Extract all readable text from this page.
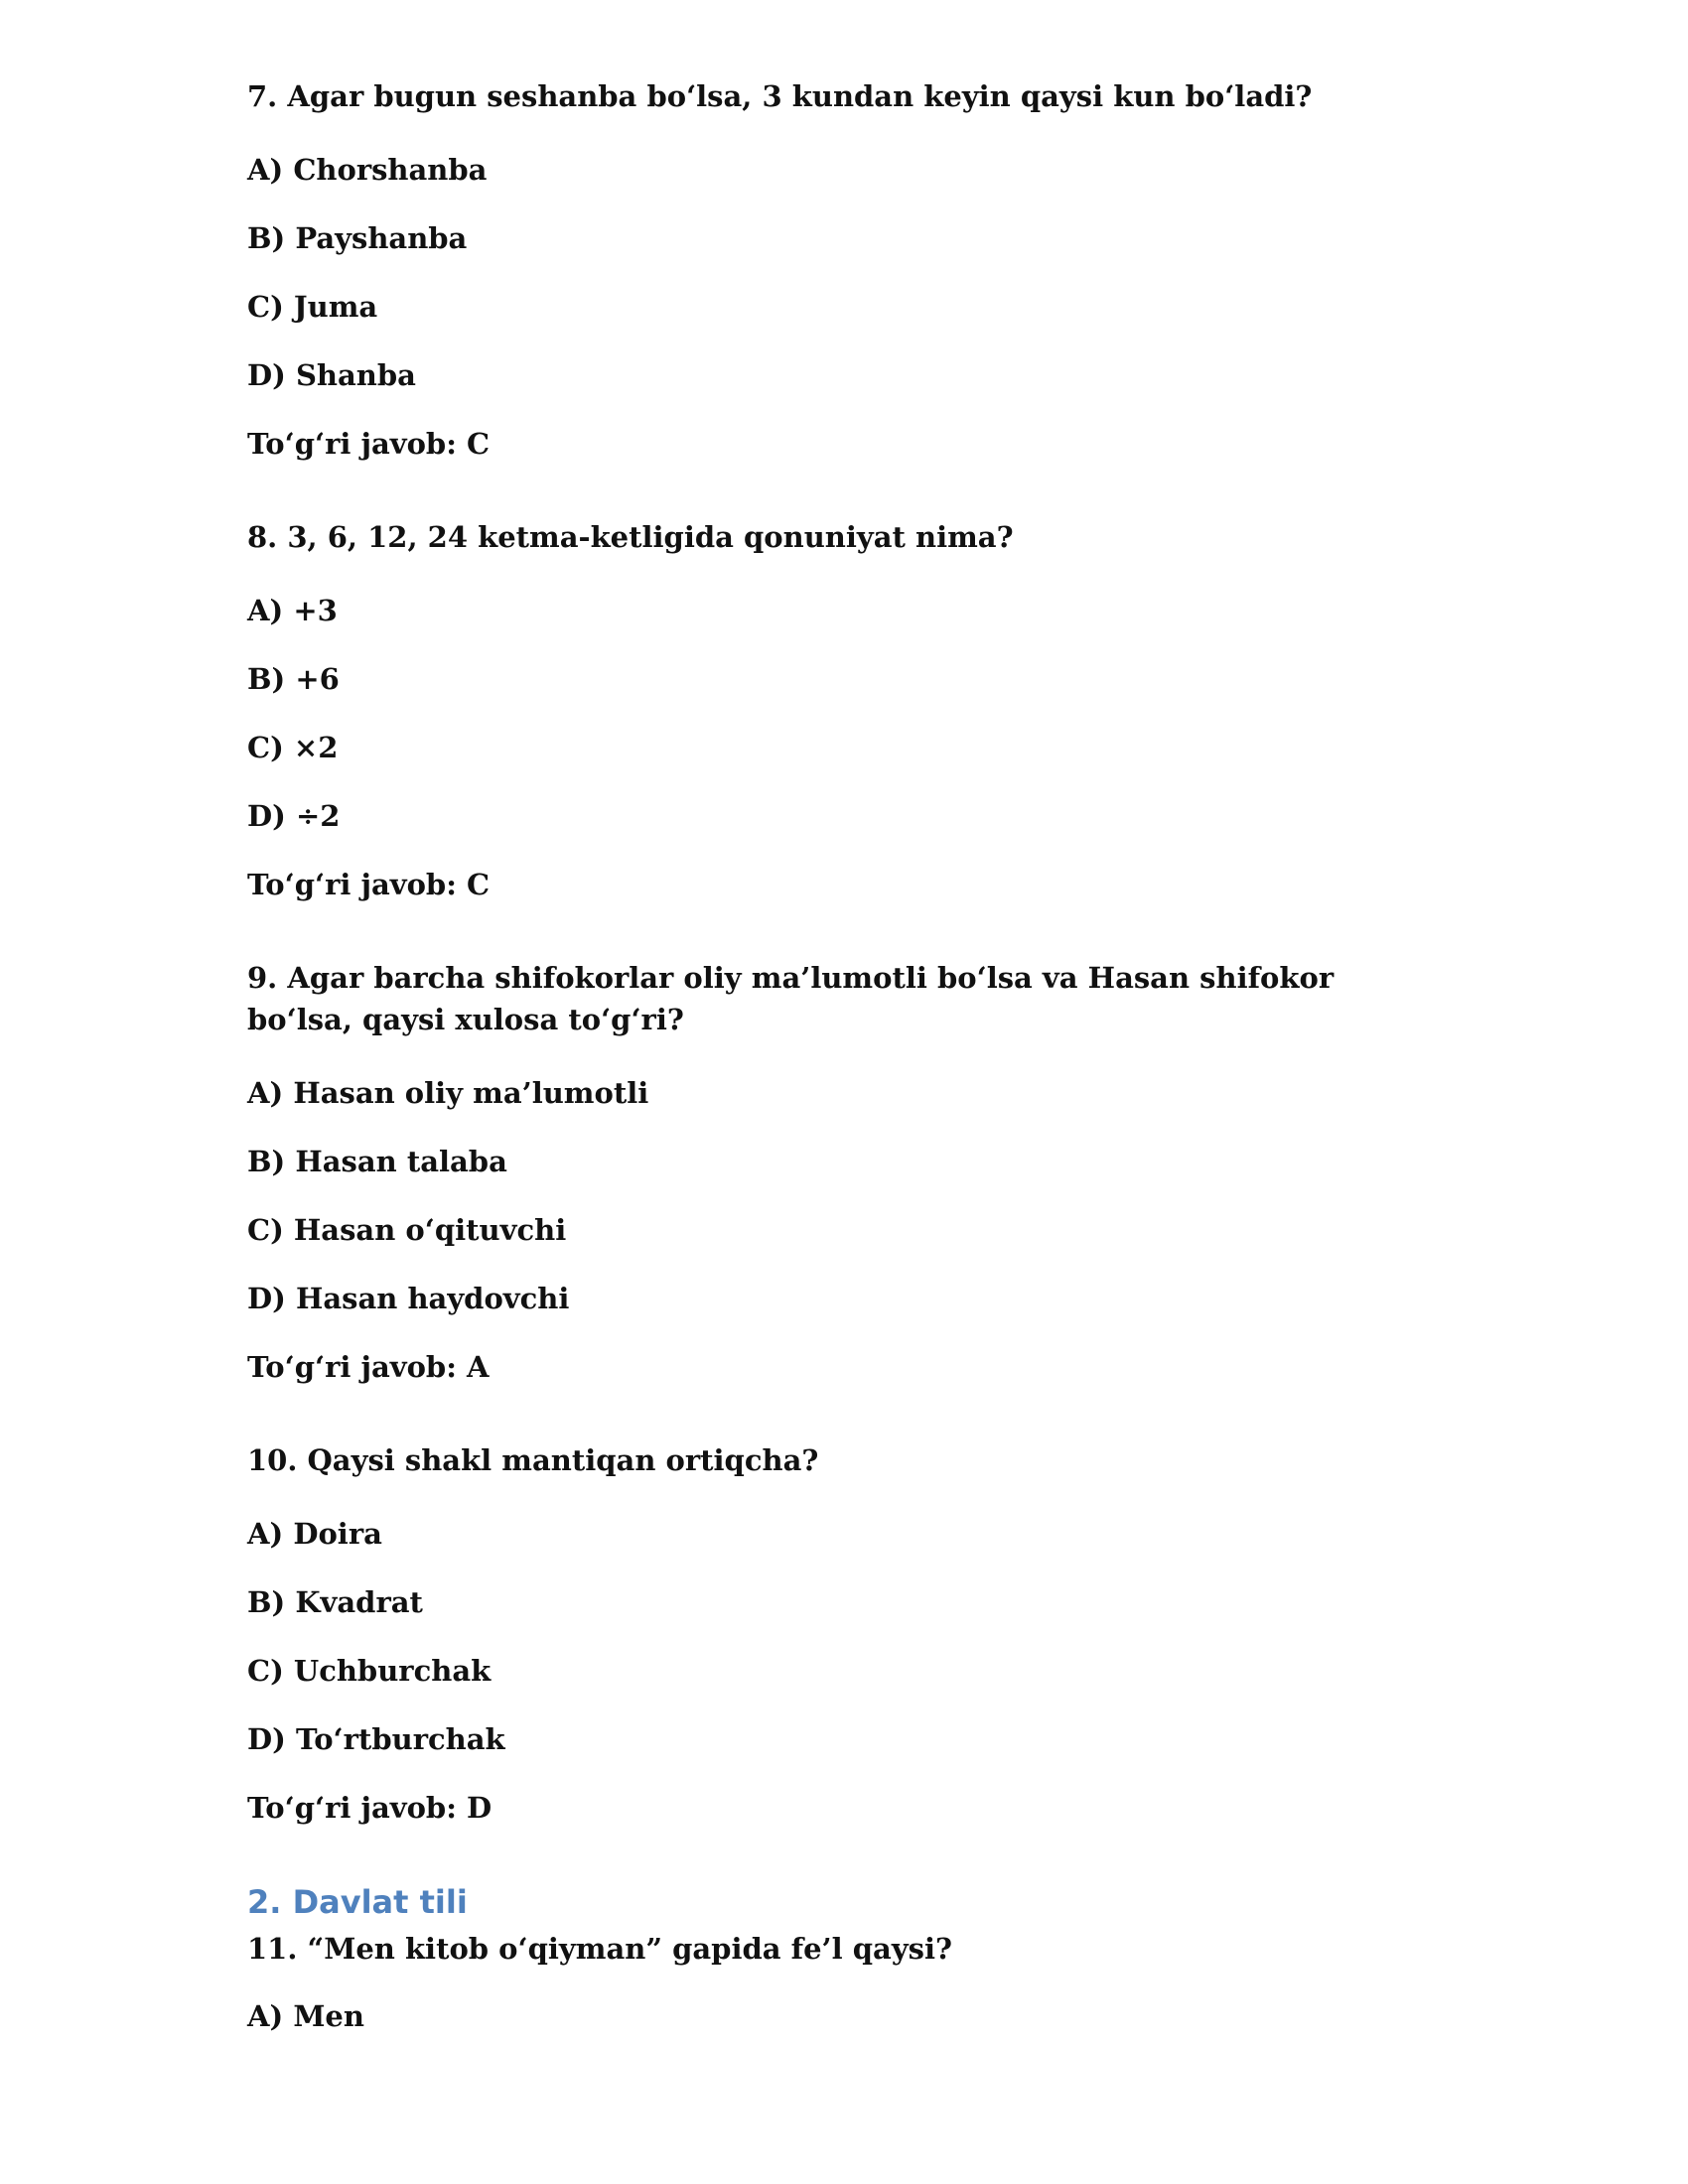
7. Agar bugun seshanba bo‘lsa, 3 kundan keyin qaysi kun bo‘ladi?
A) Chorshanba
B) Payshanba
C) Juma
D) Shanba
To‘g‘ri javob: C
8. 3, 6, 12, 24 ketma-ketligida qonuniyat nima?
A) +3
B) +6
C) ×2
D) ÷2
To‘g‘ri javob: C
9. Agar barcha shifokorlar oliy ma’lumotli bo‘lsa va Hasan shifokor bo‘lsa, qaysi xulosa to‘g‘ri?
A) Hasan oliy ma’lumotli
B) Hasan talaba
C) Hasan o‘qituvchi
D) Hasan haydovchi
To‘g‘ri javob: A
10. Qaysi shakl mantiqan ortiqcha?
A) Doira
B) Kvadrat
C) Uchburchak
D) To‘rtburchak
To‘g‘ri javob: D
2. Davlat tili
11. “Men kitob o‘qiyman” gapida fe’l qaysi?
A) Men
